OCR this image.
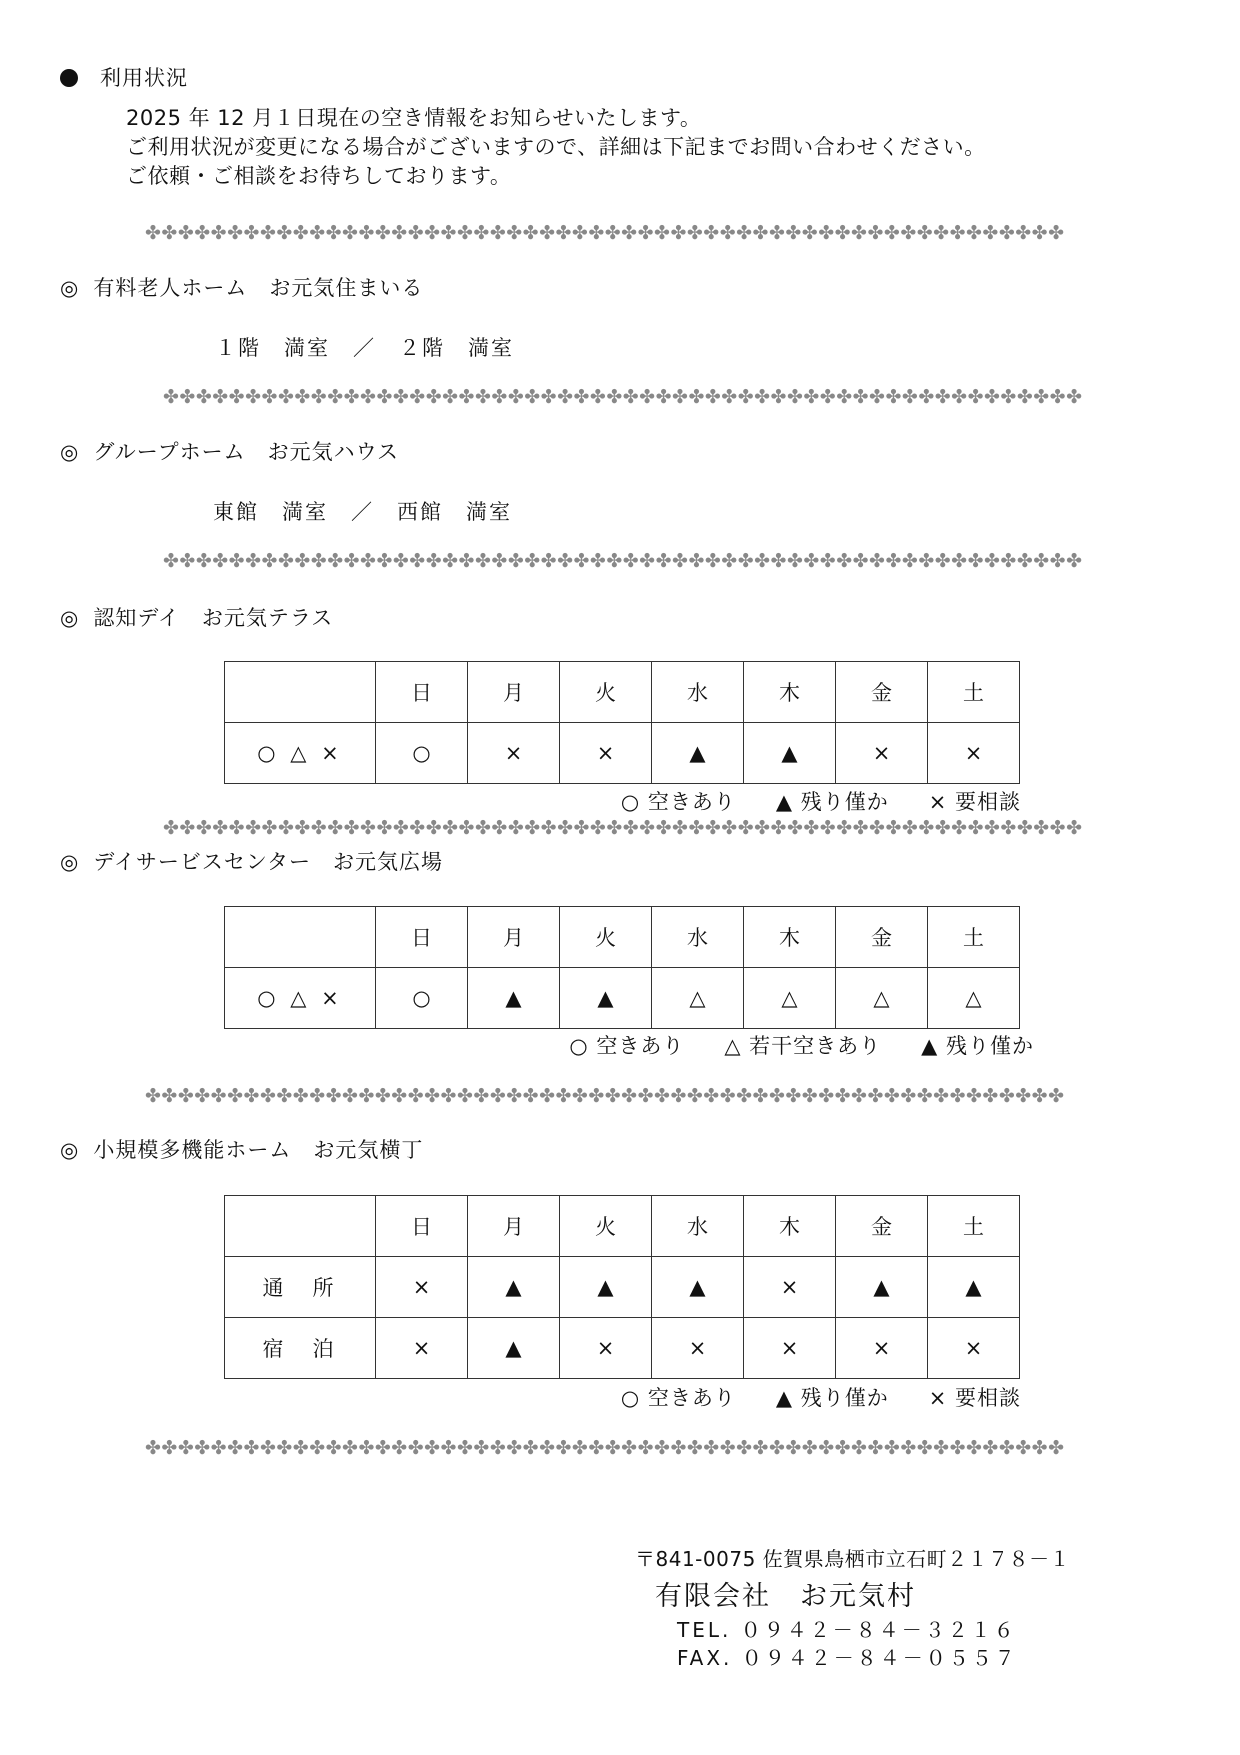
利用状況
2025 年 12 月１日現在の空き情報をお知らせいたします。
ご利用状況が変更になる場合がございますので、詳細は下記までお問い合わせください。
ご依頼・ご相談をお待ちしております。
✤✤✤✤✤✤✤✤✤✤✤✤✤✤✤✤✤✤✤✤✤✤✤✤✤✤✤✤✤✤✤✤✤✤✤✤✤✤✤✤✤✤✤✤✤✤✤✤✤✤✤✤✤✤✤✤
◎ 有料老人ホーム　お元気住まいる
１階　満室　／　２階　満室
✤✤✤✤✤✤✤✤✤✤✤✤✤✤✤✤✤✤✤✤✤✤✤✤✤✤✤✤✤✤✤✤✤✤✤✤✤✤✤✤✤✤✤✤✤✤✤✤✤✤✤✤✤✤✤✤
◎ グループホーム　お元気ハウス
東館　満室　／　西館　満室
✤✤✤✤✤✤✤✤✤✤✤✤✤✤✤✤✤✤✤✤✤✤✤✤✤✤✤✤✤✤✤✤✤✤✤✤✤✤✤✤✤✤✤✤✤✤✤✤✤✤✤✤✤✤✤✤
◎ 認知デイ　お元気テラス
	日	月	火	水	木	金	土
○ △ ×	○	×	×	▲	▲	×	×
○ 空きあり ▲ 残り僅か × 要相談
✤✤✤✤✤✤✤✤✤✤✤✤✤✤✤✤✤✤✤✤✤✤✤✤✤✤✤✤✤✤✤✤✤✤✤✤✤✤✤✤✤✤✤✤✤✤✤✤✤✤✤✤✤✤✤✤
◎ デイサービスセンター　お元気広場
	日	月	火	水	木	金	土
○ △ ×	○	▲	▲	△	△	△	△
○ 空きあり △ 若干空きあり ▲ 残り僅か
✤✤✤✤✤✤✤✤✤✤✤✤✤✤✤✤✤✤✤✤✤✤✤✤✤✤✤✤✤✤✤✤✤✤✤✤✤✤✤✤✤✤✤✤✤✤✤✤✤✤✤✤✤✤✤✤
◎ 小規模多機能ホーム　お元気横丁
	日	月	火	水	木	金	土
通　所	×	▲	▲	▲	×	▲	▲
宿　泊	×	▲	×	×	×	×	×
○ 空きあり ▲ 残り僅か × 要相談
✤✤✤✤✤✤✤✤✤✤✤✤✤✤✤✤✤✤✤✤✤✤✤✤✤✤✤✤✤✤✤✤✤✤✤✤✤✤✤✤✤✤✤✤✤✤✤✤✤✤✤✤✤✤✤✤
〒841-0075 佐賀県鳥栖市立石町２１７８－１
有限会社　お元気村
TEL. ０９４２－８４－３２１６
FAX. ０９４２－８４－０５５７
